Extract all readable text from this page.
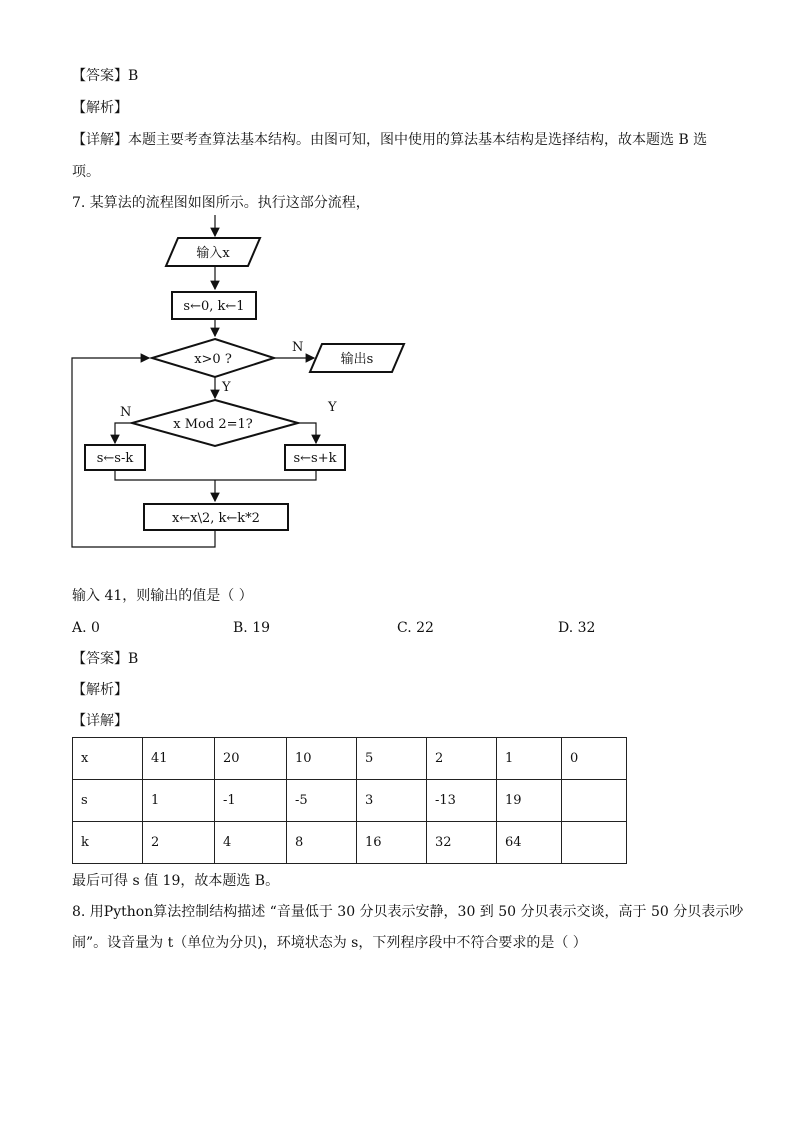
【答案】B
【解析】
【详解】本题主要考查算法基本结构。由图可知，图中使用的算法基本结构是选择结构，故本题选 B 选
项。
7. 某算法的流程图如图所示。执行这部分流程，
输入x
s←0, k←1
x>0 ?
N
输出s
Y
x Mod 2=1?
N	Y
s←s-k	s←s+k
x←x\2, k←k*2
输入 41，则输出的值是（ ）
A. 0	B. 19	C. 22	D. 32
【答案】B
【解析】
【详解】
x	41	20	10	5	2	1	0
s	1	-1	-5	3	-13	19	
k	2	4	8	16	32	64	
最后可得 s 值 19，故本题选 B。
8. 用Python算法控制结构描述 “音量低于 30 分贝表示安静，30 到 50 分贝表示交谈，高于 50 分贝表示吵
闹”。设音量为 t（单位为分贝)，环境状态为 s，下列程序段中不符合要求的是（ ）
